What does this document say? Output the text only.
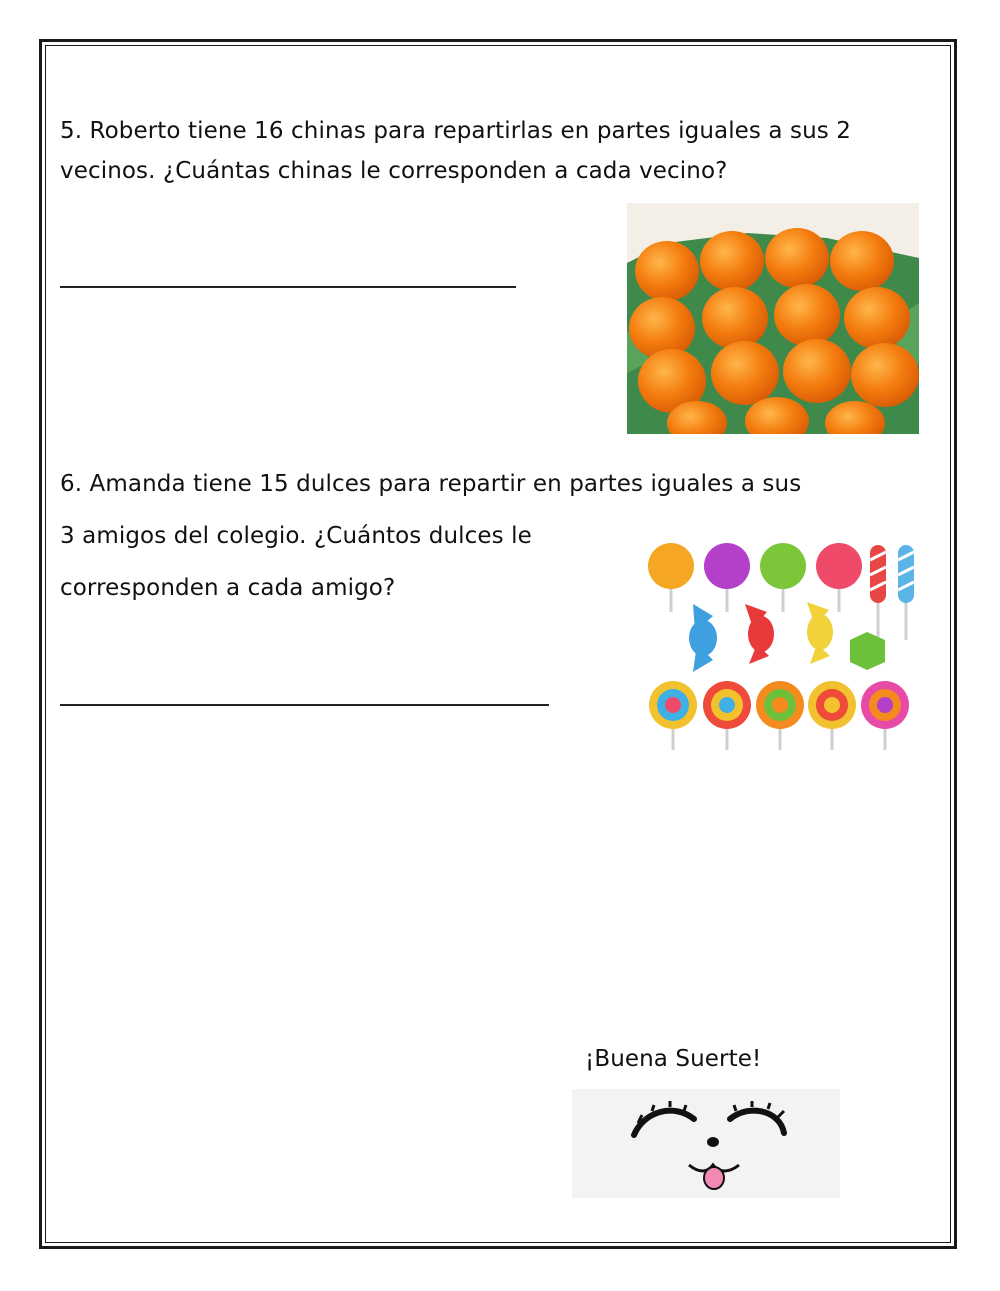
5. Roberto tiene 16 chinas para repartirlas en partes iguales a sus 2
vecinos. ¿Cuántas chinas le corresponden a cada vecino?
6. Amanda tiene 15 dulces para repartir en partes iguales a sus
3 amigos del colegio. ¿Cuántos dulces le
corresponden a cada amigo?
¡Buena Suerte!
